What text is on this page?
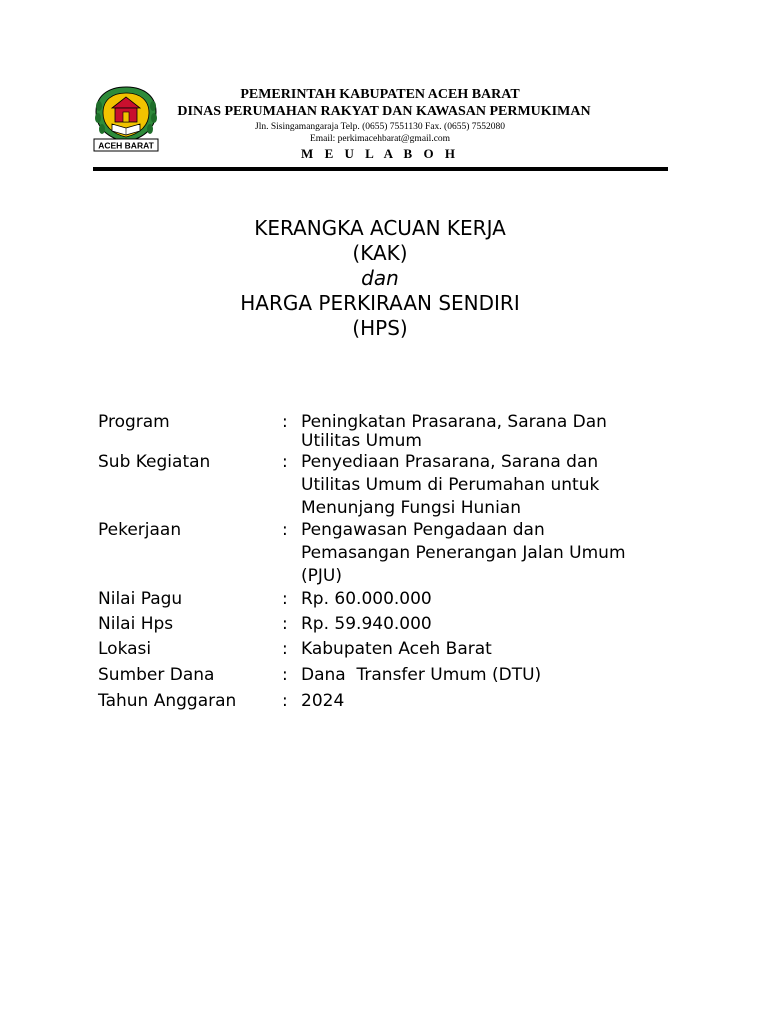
ACEH BARAT
PEMERINTAH KABUPATEN ACEH BARAT
DINAS PERUMAHAN RAKYAT DAN KAWASAN PERMUKIMAN
Jln. Sisingamangaraja Telp. (0655) 7551130 Fax. (0655) 7552080
Email: perkimacehbarat@gmail.com
M E U L A B O H
KERANGKA ACUAN KERJA
(KAK)
dan
HARGA PERKIRAAN SENDIRI
(HPS)
Program	: Peningkatan Prasarana, Sarana Dan
Utilitas Umum
Sub Kegiatan	: Penyediaan Prasarana, Sarana dan
Utilitas Umum di Perumahan untuk
Menunjang Fungsi Hunian
Pekerjaan	: Pengawasan Pengadaan dan
Pemasangan Penerangan Jalan Umum
(PJU)
Nilai Pagu	: Rp. 60.000.000
Nilai Hps	: Rp. 59.940.000
Lokasi	: Kabupaten Aceh Barat
Sumber Dana	: Dana  Transfer Umum (DTU)
Tahun Anggaran	: 2024
